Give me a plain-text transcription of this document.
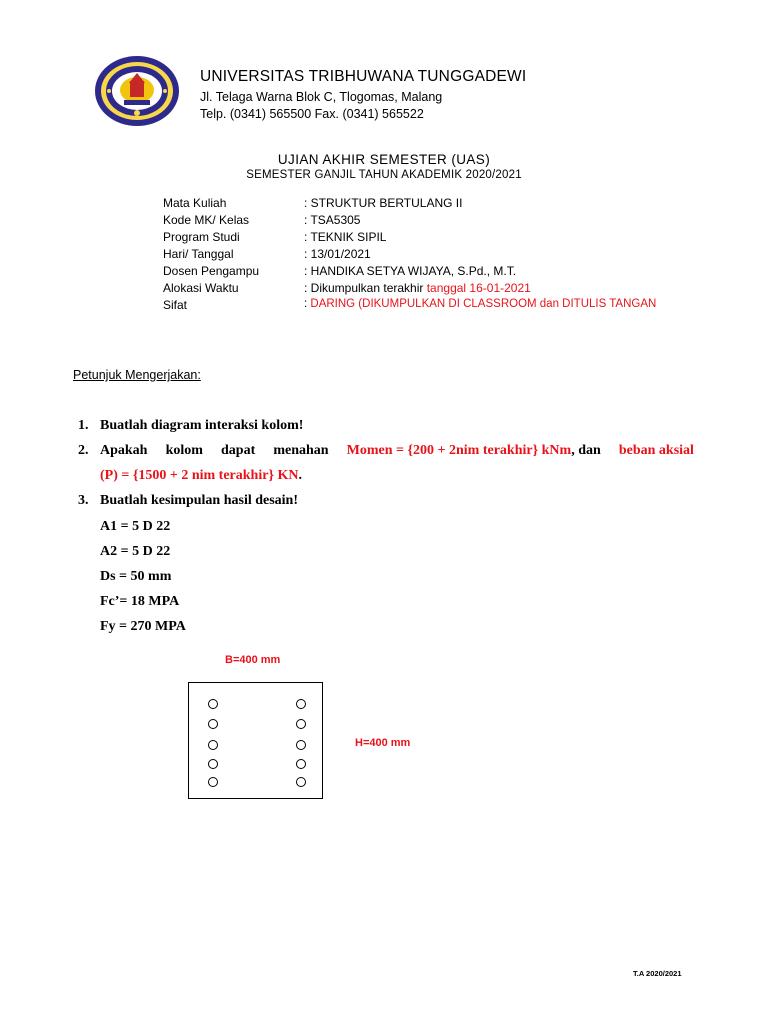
UNIVERSITAS TRIBHUWANA TUNGGADEWI
Jl. Telaga Warna Blok C, Tlogomas, Malang
Telp. (0341) 565500 Fax. (0341) 565522
UJIAN AKHIR SEMESTER (UAS)
SEMESTER GANJIL TAHUN AKADEMIK 2020/2021
Mata Kuliah	: STRUKTUR BERTULANG II
Kode MK/ Kelas	: TSA5305
Program Studi	: TEKNIK SIPIL
Hari/ Tanggal	: 13/01/2021
Dosen Pengampu	: HANDIKA SETYA WIJAYA, S.Pd., M.T.
Alokasi Waktu	: Dikumpulkan terakhir tanggal 16-01-2021
Sifat	: DARING (DIKUMPULKAN DI CLASSROOM dan DITULIS TANGAN
Petunjuk Mengerjakan:
1. Buatlah diagram interaksi kolom!
2. Apakah kolom dapat menahan Momen = {200 + 2nim terakhir} kNm, dan beban aksial
(P) = {1500 + 2 nim terakhir} KN.
3. Buatlah kesimpulan hasil desain!
A1 = 5 D 22
A2 = 5 D 22
Ds = 50 mm
Fc’= 18 MPA
Fy = 270 MPA
B=400 mm
H=400 mm
T.A 2020/2021
